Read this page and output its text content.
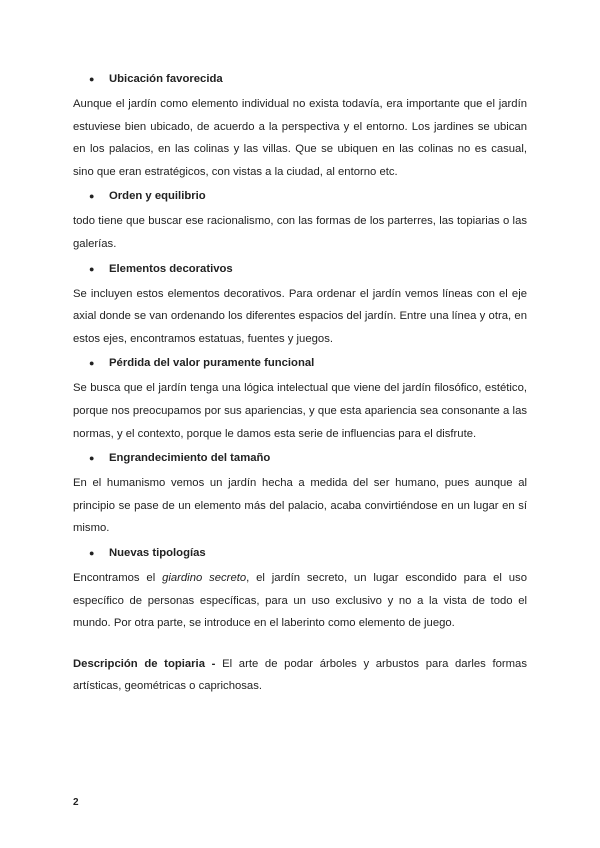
●	Ubicación favorecida

Aunque el jardín como elemento individual no exista todavía, era importante que el jardín estuviese bien ubicado, de acuerdo a la perspectiva y el entorno. Los jardines se ubican en los palacios, en las colinas y las villas. Que se ubiquen en las colinas no es casual, sino que eran estratégicos, con vistas a la ciudad, al entorno etc.

●	Orden y equilibrio

todo tiene que buscar ese racionalismo, con las formas de los parterres, las topiarias o las galerías.

●	Elementos decorativos

Se incluyen estos elementos decorativos. Para ordenar el jardín vemos líneas con el eje axial donde se van ordenando los diferentes espacios del jardín. Entre una línea y otra, en estos ejes, encontramos estatuas, fuentes y juegos.

●	Pérdida del valor puramente funcional

Se busca que el jardín tenga una lógica intelectual que viene del jardín filosófico, estético, porque nos preocupamos por sus apariencias, y que esta apariencia sea consonante a las normas, y el contexto, porque le damos esta serie de influencias para el disfrute.

●	Engrandecimiento del tamaño

En el humanismo vemos un jardín hecha a medida del ser humano, pues aunque al principio se pase de un elemento más del palacio, acaba convirtiéndose en un lugar en sí mismo.

●	Nuevas tipologías

Encontramos el giardino secreto, el jardín secreto, un lugar escondido para el uso específico de personas específicas, para un uso exclusivo y no a la vista de todo el mundo. Por otra parte, se introduce en el laberinto como elemento de juego.

Descripción de topiaria - El arte de podar árboles y arbustos para darles formas artísticas, geométricas o caprichosas.

2
